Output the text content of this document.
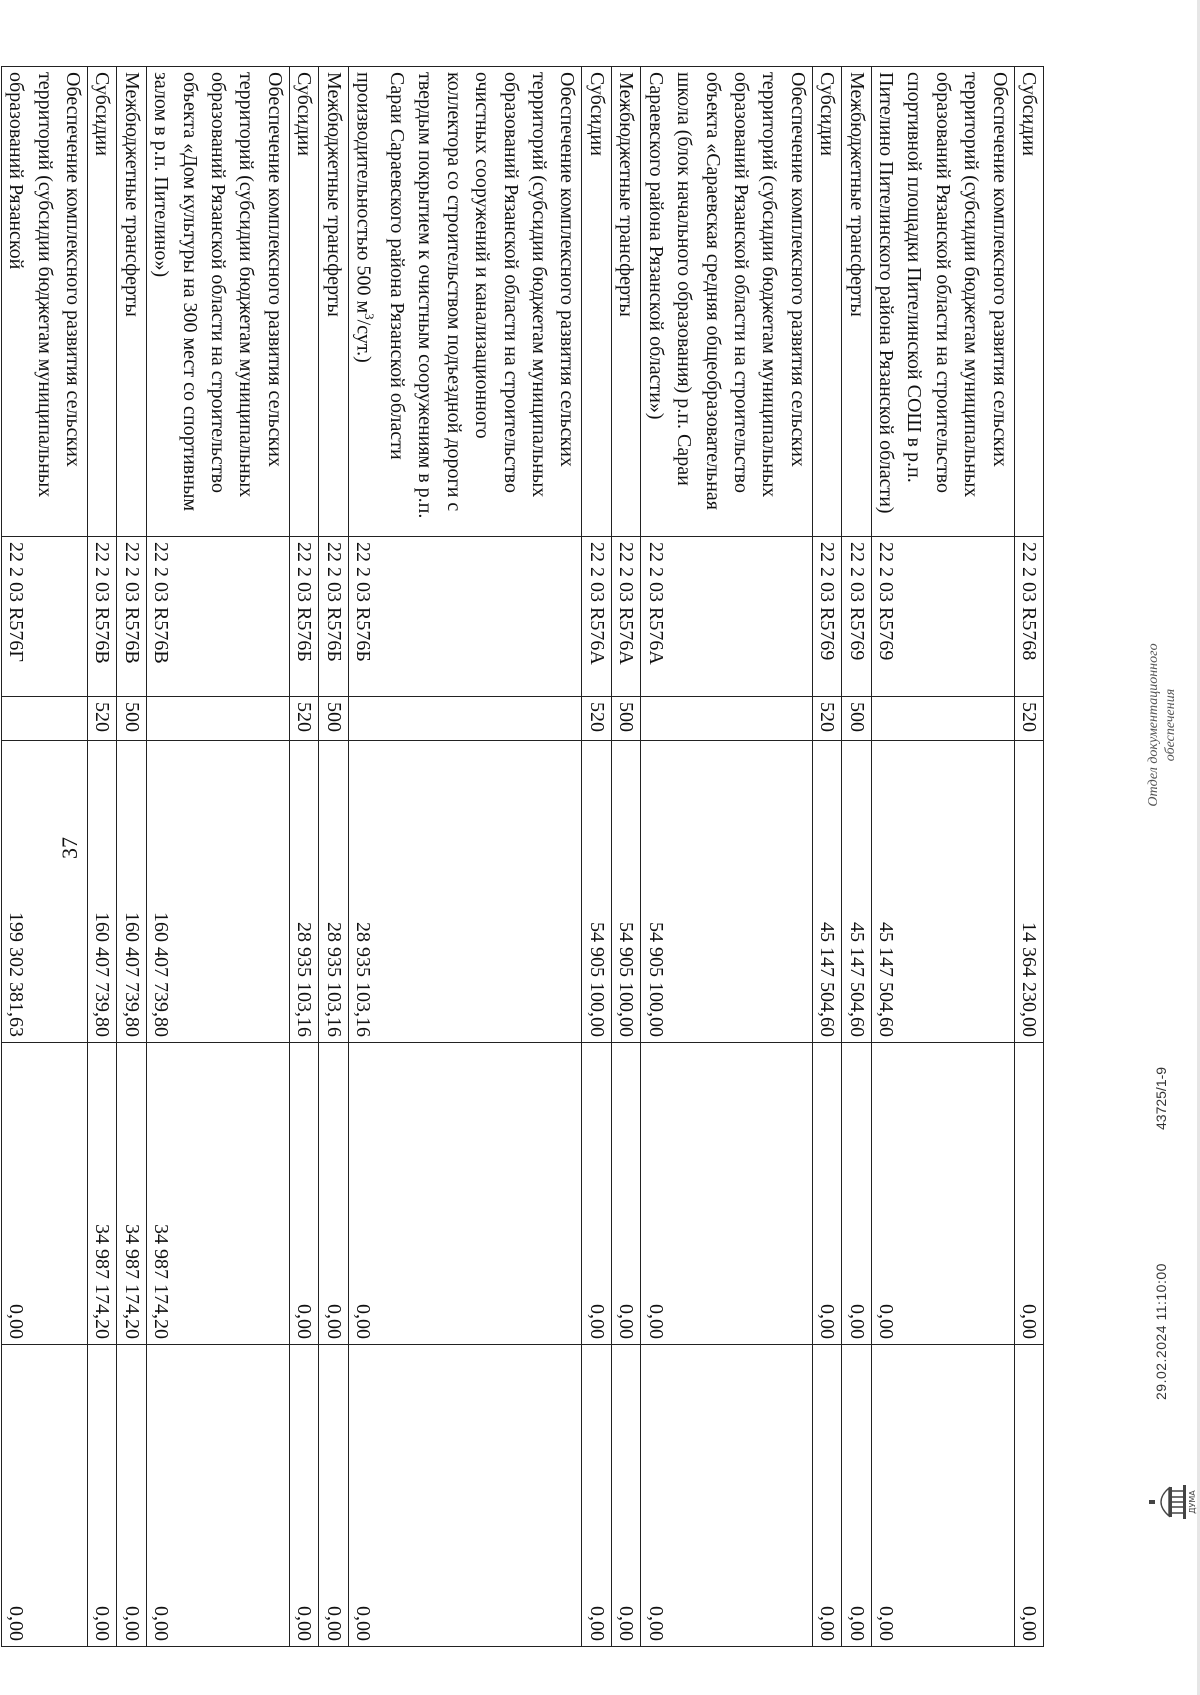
37
Субсидии	22 2 03 R5768	520	14 364 230,00	0,00	0,00
Обеспечение комплексного развития сельских территорий (субсидии бюджетам муниципальных образований Рязанской области на строительство спортивной площадки Пителинской СОШ в р.п. Пителино Пителинского района Рязанской области)	22 2 03 R5769		45 147 504,60	0,00	0,00
Межбюджетные трансферты	22 2 03 R5769	500	45 147 504,60	0,00	0,00
Субсидии	22 2 03 R5769	520	45 147 504,60	0,00	0,00
Обеспечение комплексного развития сельских территорий (субсидии бюджетам муниципальных образований Рязанской области на строительство объекта «Сараевская средняя общеобразовательная школа (блок начального образования) р.п. Сараи Сараевского района Рязанской области»)	22 2 03 R576А		54 905 100,00	0,00	0,00
Межбюджетные трансферты	22 2 03 R576А	500	54 905 100,00	0,00	0,00
Субсидии	22 2 03 R576А	520	54 905 100,00	0,00	0,00
Обеспечение комплексного развития сельских территорий (субсидии бюджетам муниципальных образований Рязанской области на строительство очистных сооружений и канализационного коллектора со строительством подъездной дороги с твердым покрытием к очистным сооружениям в р.п. Сараи Сараевского района Рязанской области производительностью 500 $м^3/сут$.)	22 2 03 R576Б		28 935 103,16	0,00	0,00
Межбюджетные трансферты	22 2 03 R576Б	500	28 935 103,16	0,00	0,00
Субсидии	22 2 03 R576Б	520	28 935 103,16	0,00	0,00
Обеспечение комплексного развития сельских территорий (субсидии бюджетам муниципальных образований Рязанской области на строительство объекта «Дом культуры на 300 мест со спортивным залом в р.п. Пителино»)	22 2 03 R576В		160 407 739,80	34 987 174,20	0,00
Межбюджетные трансферты	22 2 03 R576В	500	160 407 739,80	34 987 174,20	0,00
Субсидии	22 2 03 R576В	520	160 407 739,80	34 987 174,20	0,00
Обеспечение комплексного развития сельских территорий (субсидии бюджетам муниципальных образований Рязанской	22 2 03 R576Г		199 302 381,63	0,00	0,00
ДУМА
29.02.2024 11:10:00
43725/1-9
Отдел документационного обеспечения
